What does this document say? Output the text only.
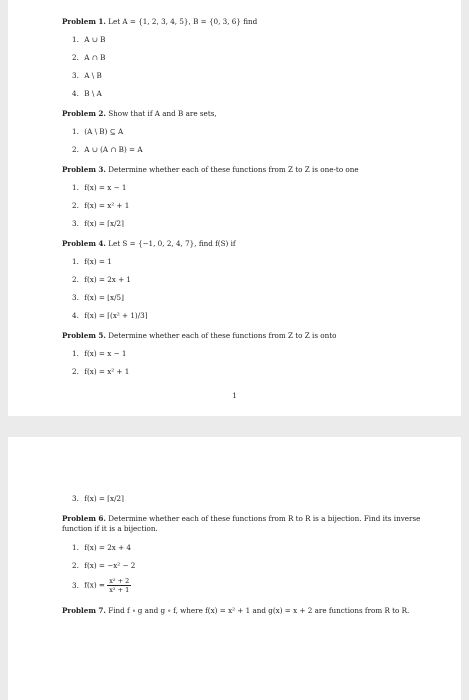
Problem 1. Let A = {1, 2, 3, 4, 5}, B = {0, 3, 6} find
1. A ∪ B
2. A ∩ B
3. A \ B
4. B \ A
Problem 2. Show that if A and B are sets,
1. (A \ B) ⊆ A
2. A ∪ (A ∩ B) = A
Problem 3. Determine whether each of these functions from Z to Z is one-to one
1. f(x) = x − 1
2. f(x) = x² + 1
3. f(x) = ⌈x/2⌉
Problem 4. Let S = {−1, 0, 2, 4, 7}, find f(S) if
1. f(x) = 1
2. f(x) = 2x + 1
3. f(x) = ⌊x/5⌋
4. f(x) = ⌈(x² + 1)/3⌉
Problem 5. Determine whether each of these functions from Z to Z is onto
1. f(x) = x − 1
2. f(x) = x² + 1
1
3. f(x) = ⌈x/2⌉
Problem 6. Determine whether each of these functions from R to R is a bijection. Find its inverse function if it is a bijection.
1. f(x) = 2x + 4
2. f(x) = −x² − 2
3. $f(x) = \frac{\text{x² + 2}}{\text{x² + 1}}$
Problem 7. Find f ∘ g and g ∘ f, where f(x) = x² + 1 and g(x) = x + 2 are functions from R to R.
